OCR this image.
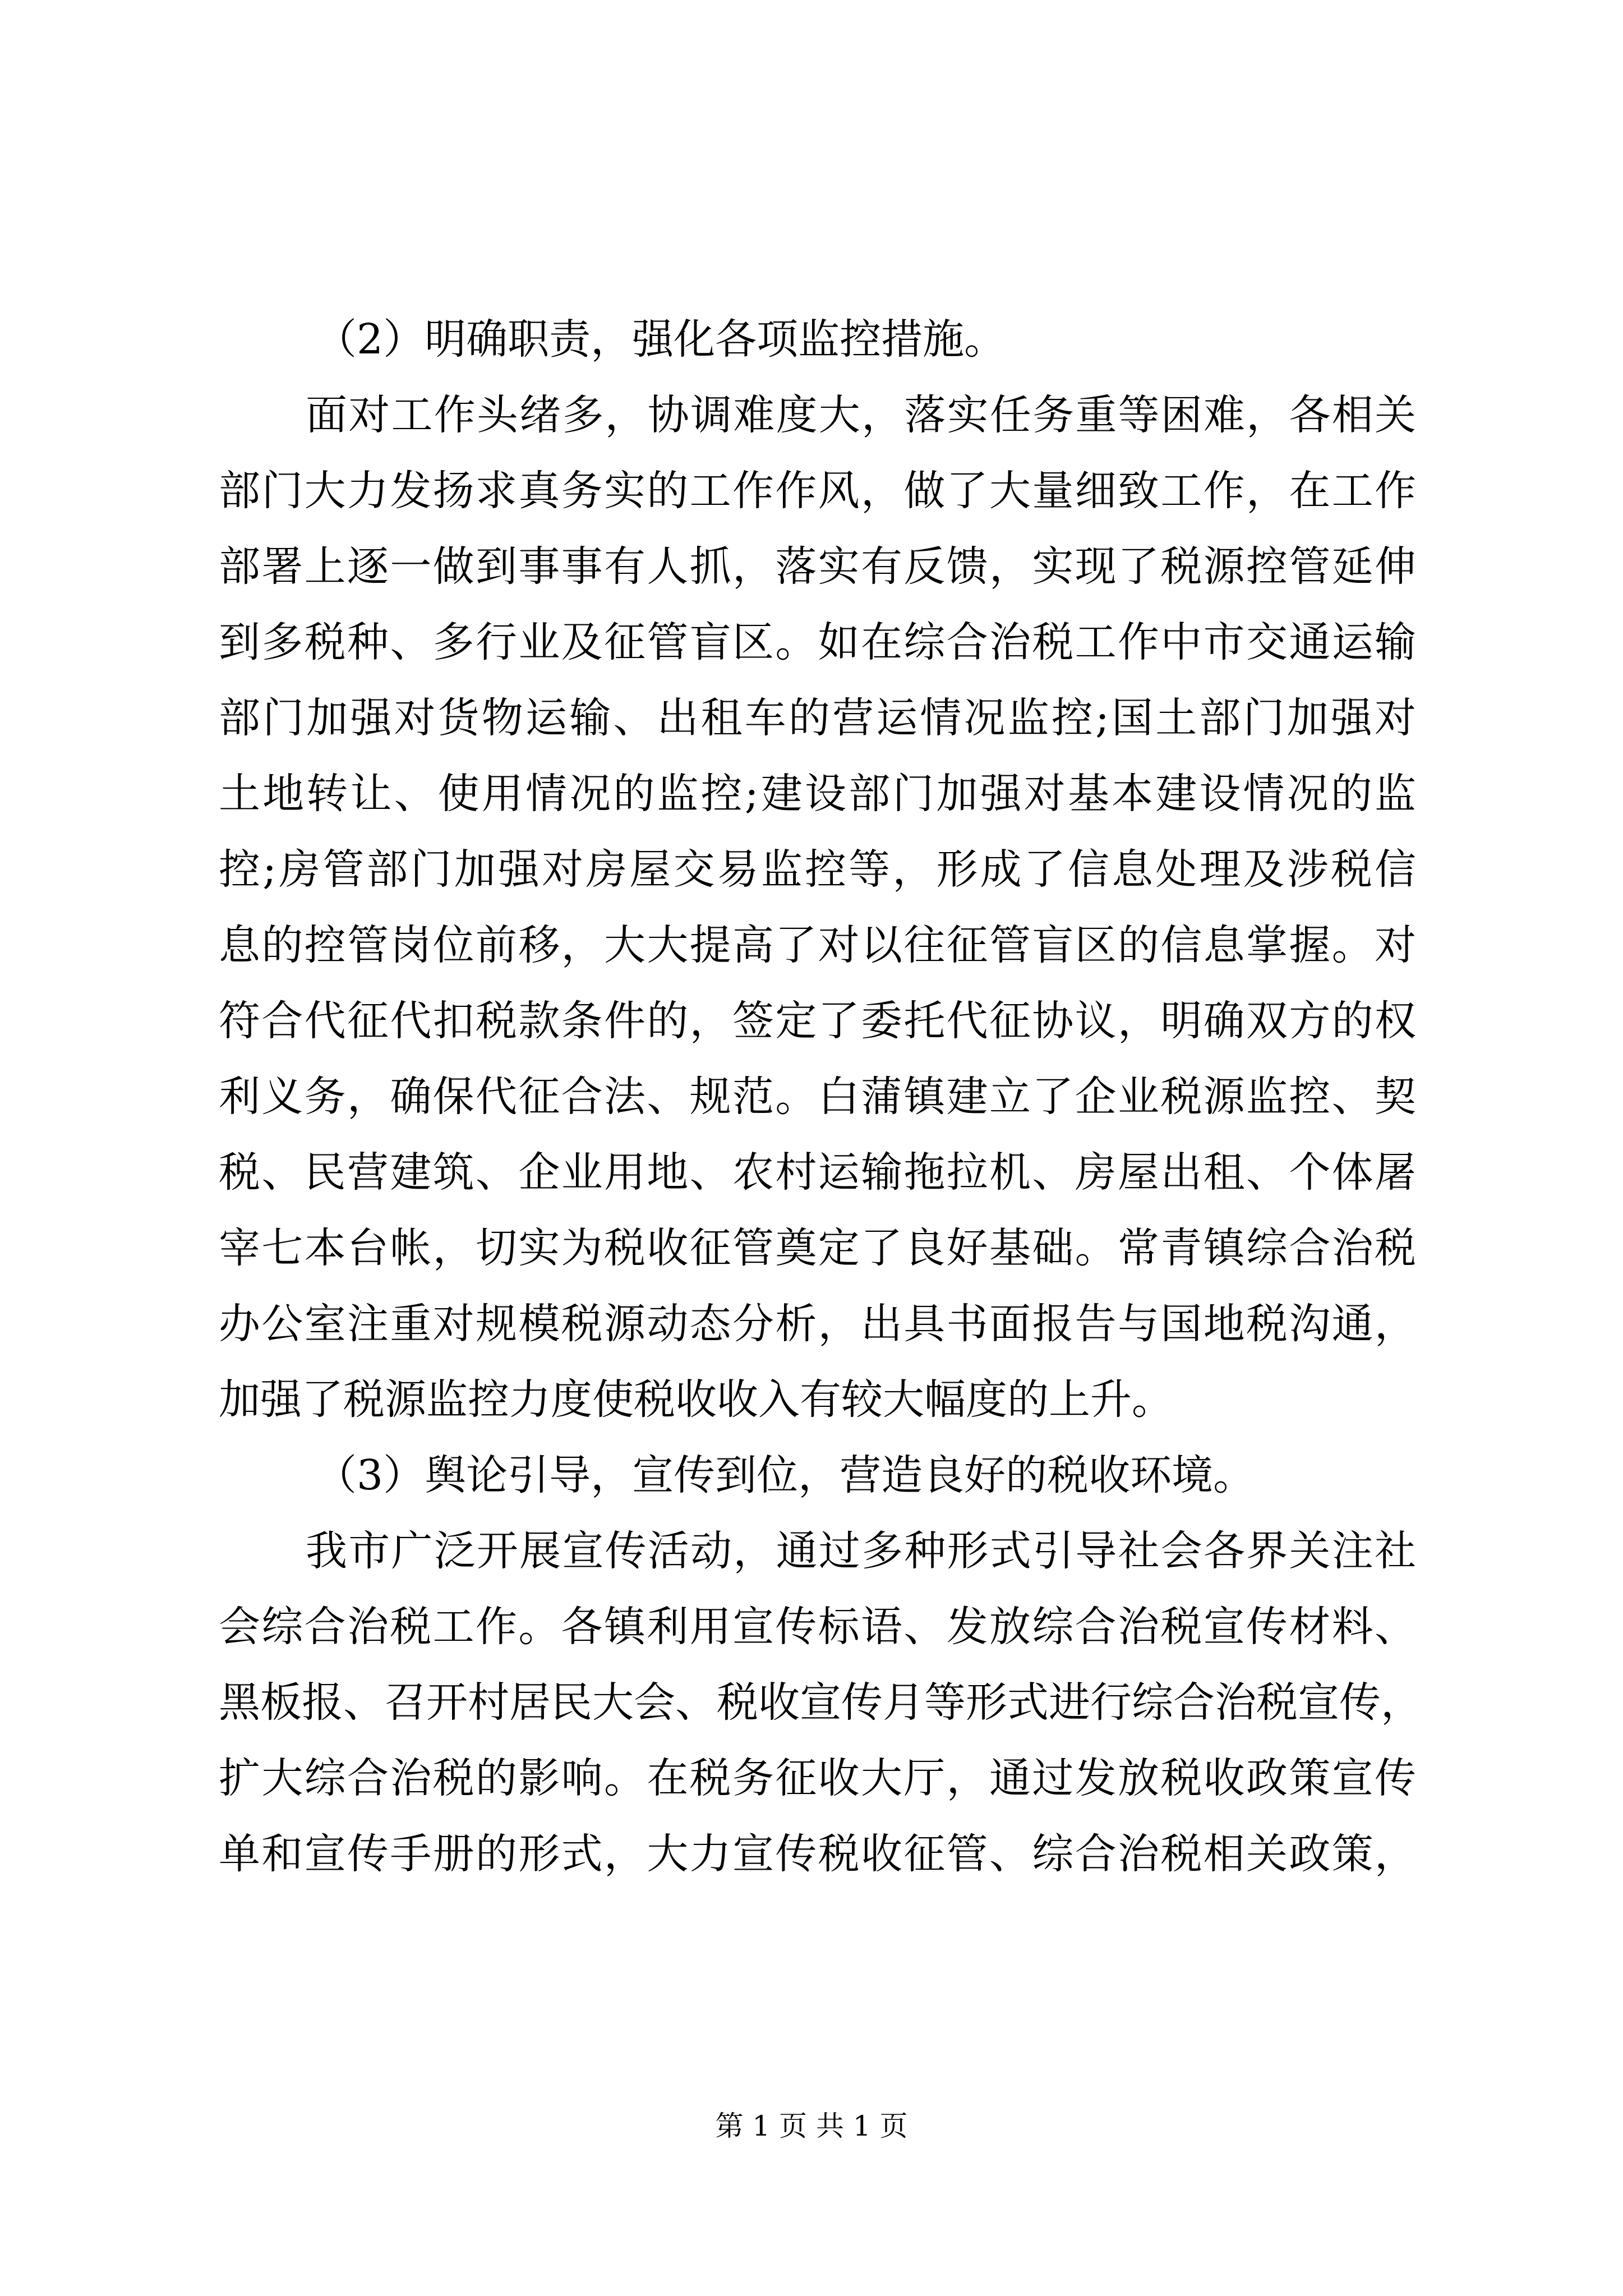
（2）明确职责，强化各项监控措施。

面对工作头绪多，协调难度大，落实任务重等困难，各相关

部门大力发扬求真务实的工作作风，做了大量细致工作，在工作

部署上逐一做到事事有人抓，落实有反馈，实现了税源控管延伸

到多税种、多行业及征管盲区。如在综合治税工作中市交通运输

部门加强对货物运输、出租车的营运情况监控;国土部门加强对

土地转让、使用情况的监控;建设部门加强对基本建设情况的监

控;房管部门加强对房屋交易监控等，形成了信息处理及涉税信

息的控管岗位前移，大大提高了对以往征管盲区的信息掌握。对

符合代征代扣税款条件的，签定了委托代征协议，明确双方的权

利义务，确保代征合法、规范。白蒲镇建立了企业税源监控、契

税、民营建筑、企业用地、农村运输拖拉机、房屋出租、个体屠

宰七本台帐，切实为税收征管奠定了良好基础。常青镇综合治税

办公室注重对规模税源动态分析，出具书面报告与国地税沟通，

加强了税源监控力度使税收收入有较大幅度的上升。

（3）舆论引导，宣传到位，营造良好的税收环境。

我市广泛开展宣传活动，通过多种形式引导社会各界关注社

会综合治税工作。各镇利用宣传标语、发放综合治税宣传材料、

黑板报、召开村居民大会、税收宣传月等形式进行综合治税宣传，

扩大综合治税的影响。在税务征收大厅，通过发放税收政策宣传

单和宣传手册的形式，大力宣传税收征管、综合治税相关政策，

第 1 页 共 1 页
